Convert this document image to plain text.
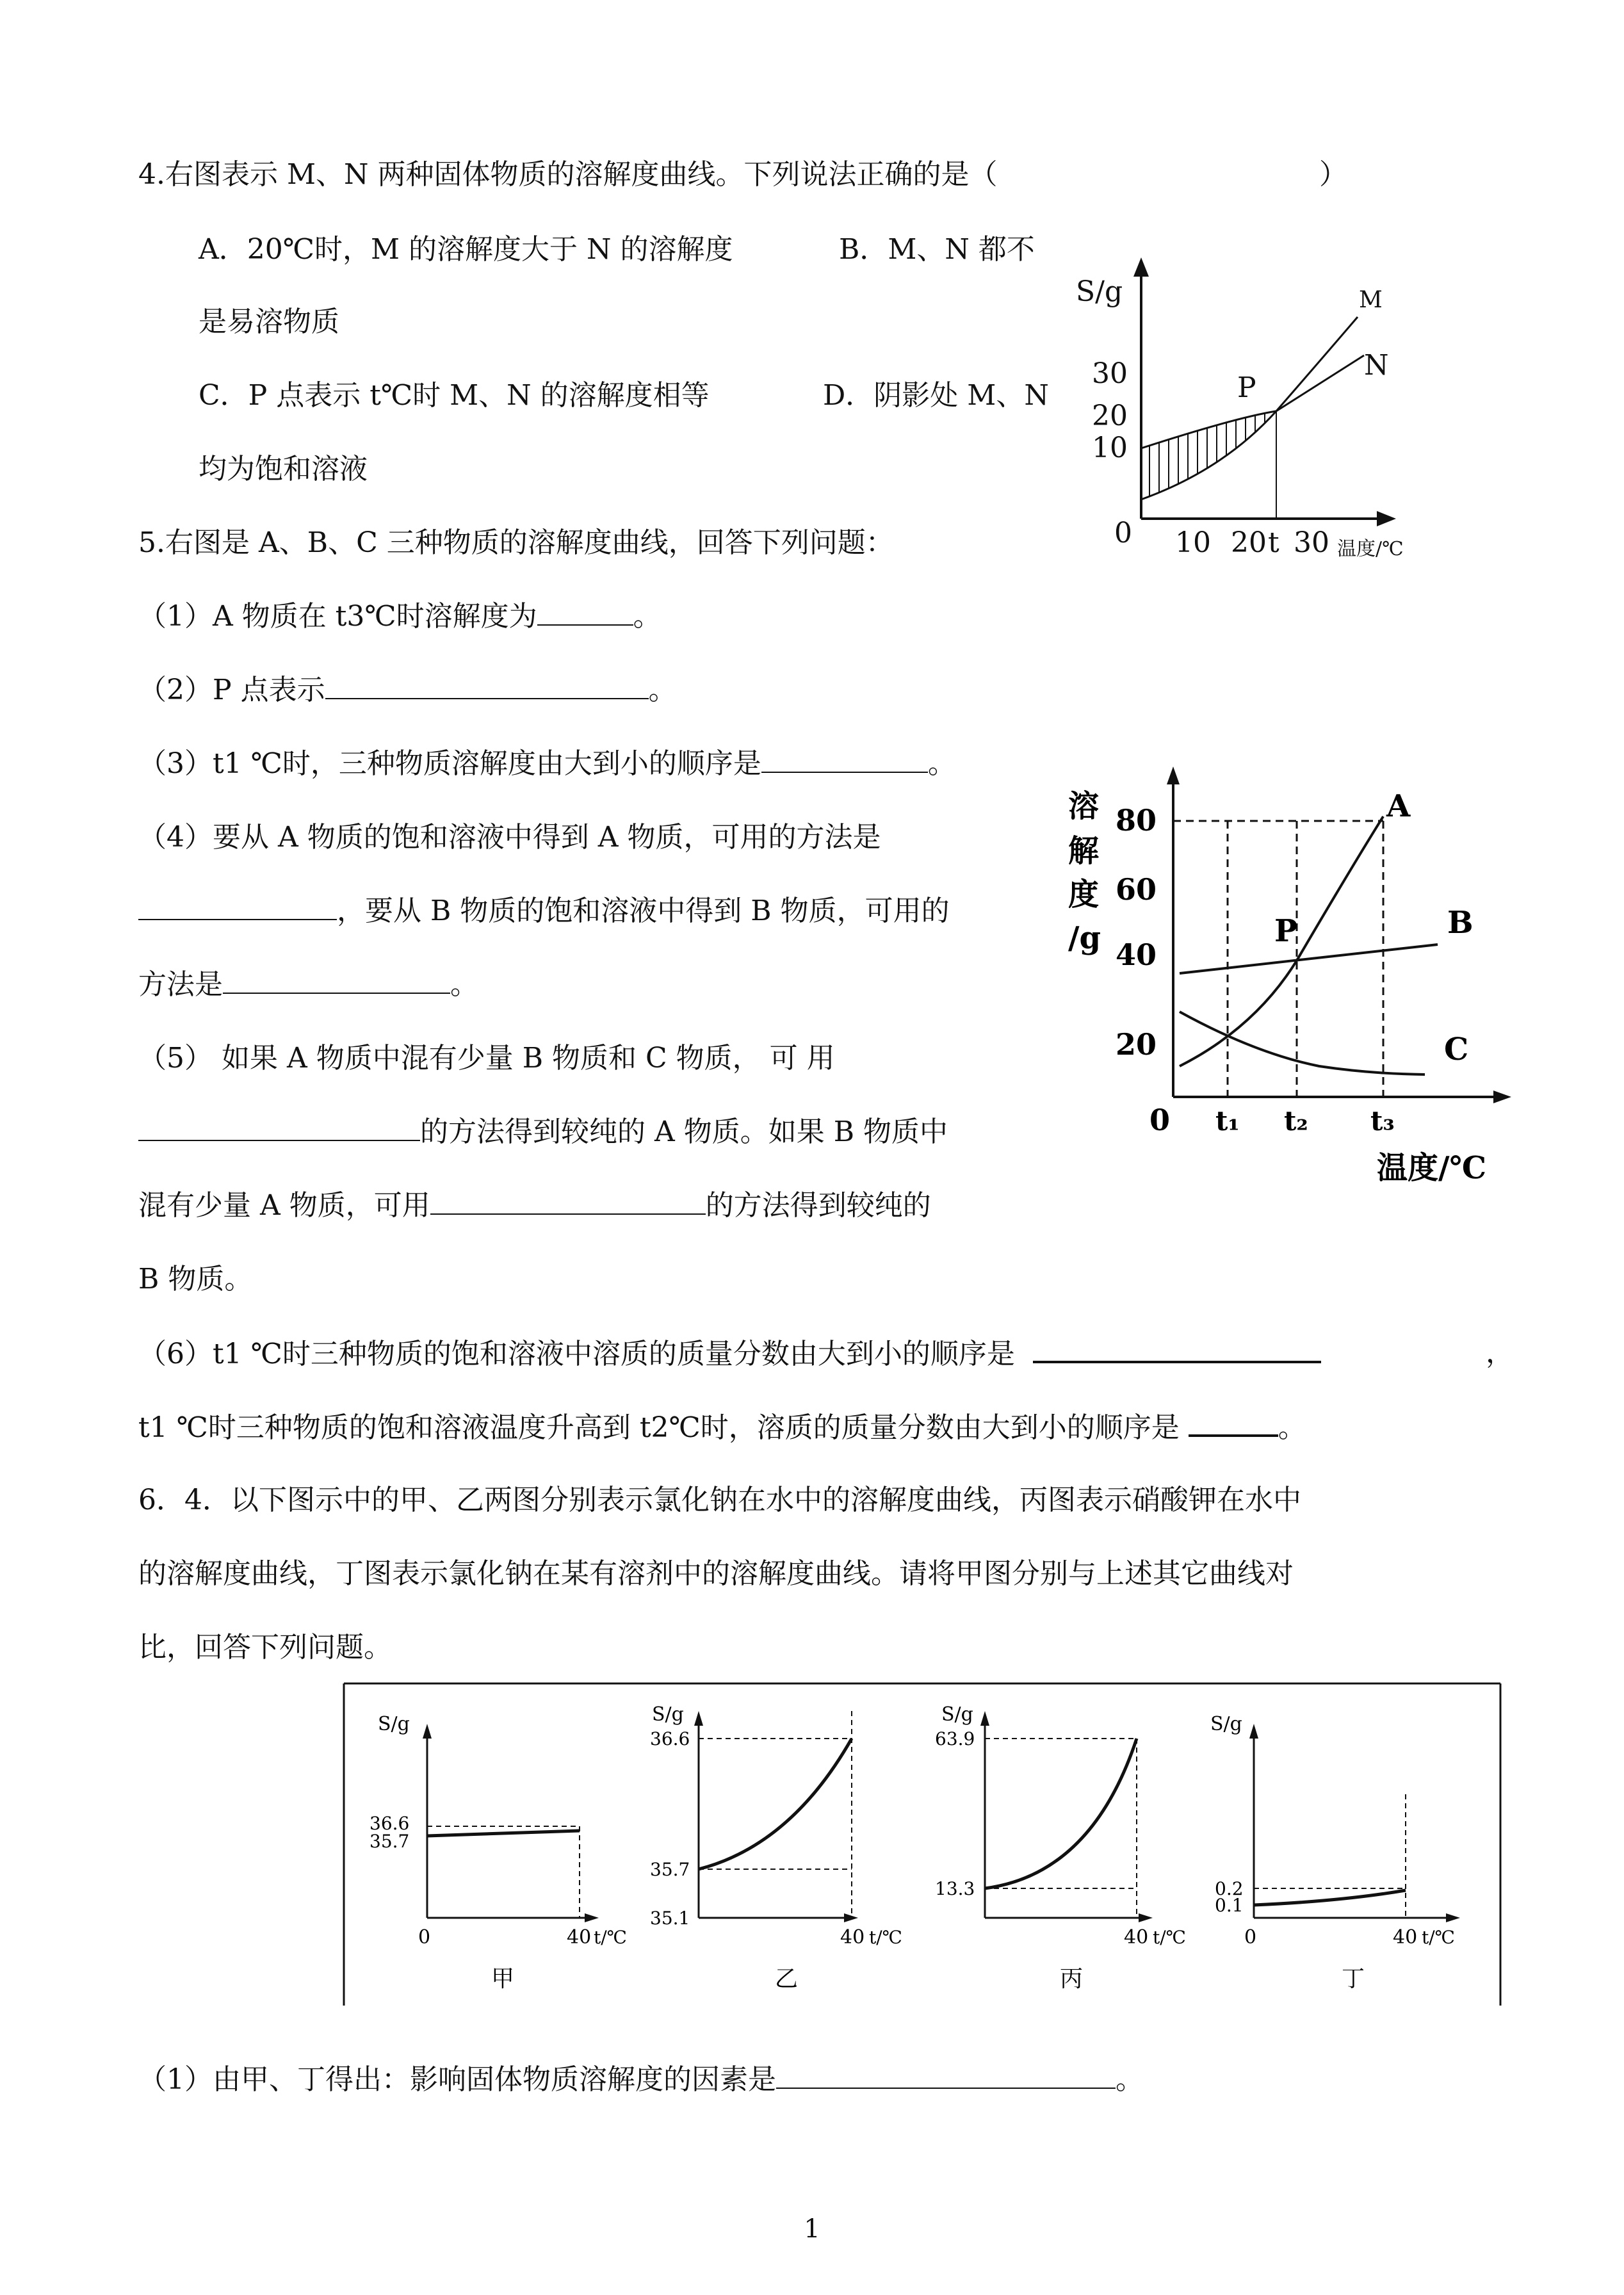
4.右图表示 M、N 两种固体物质的溶解度曲线。下列说法正确的是（	）
A．20℃时，M 的溶解度大于 N 的溶解度	B．M、N 都不
是易溶物质
C．P 点表示 t℃时 M、N 的溶解度相等	D．阴影处 M、N
均为饱和溶液
S/g
10
20
30
0 10 20 t 30 温度/℃
P
M
N
5.右图是 A、B、C 三种物质的溶解度曲线，回答下列问题：
（1）A 物质在 t3℃时溶解度为	。
（2）P 点表示	。
（3）t1 ℃时，三种物质溶解度由大到小的顺序是	。
（4）要从 A 物质的饱和溶液中得到 A 物质，可用的方法是
，要从 B 物质的饱和溶液中得到 B 物质，可用的
方法是	。
（5） 如果 A 物质中混有少量 B 物质和 C 物质， 可 用
的方法得到较纯的 A 物质。如果 B 物质中
混有少量 A 物质，可用	的方法得到较纯的
B 物质。
（6）t1 ℃时三种物质的饱和溶液中溶质的质量分数由大到小的顺序是	，
t1 ℃时三种物质的饱和溶液温度升高到 t2℃时，溶质的质量分数由大到小的顺序是	。
溶
解
度
/g
20
40
60
80
0 t₁ t₂ t₃
温度/℃
A
B
P
C
6．4．以下图示中的甲、乙两图分别表示氯化钠在水中的溶解度曲线，丙图表示硝酸钾在水中
的溶解度曲线，丁图表示氯化钠在某有溶剂中的溶解度曲线。请将甲图分别与上述其它曲线对
比，回答下列问题。
S/g
36.6
35.7
0	40 t/℃
甲
S/g
36.6
35.7
35.1
40 t/℃
乙
S/g
63.9
13.3
40 t/℃
丙
S/g
0.2
0.1
0	40 t/℃
丁
（1）由甲、丁得出：影响固体物质溶解度的因素是	。
1
